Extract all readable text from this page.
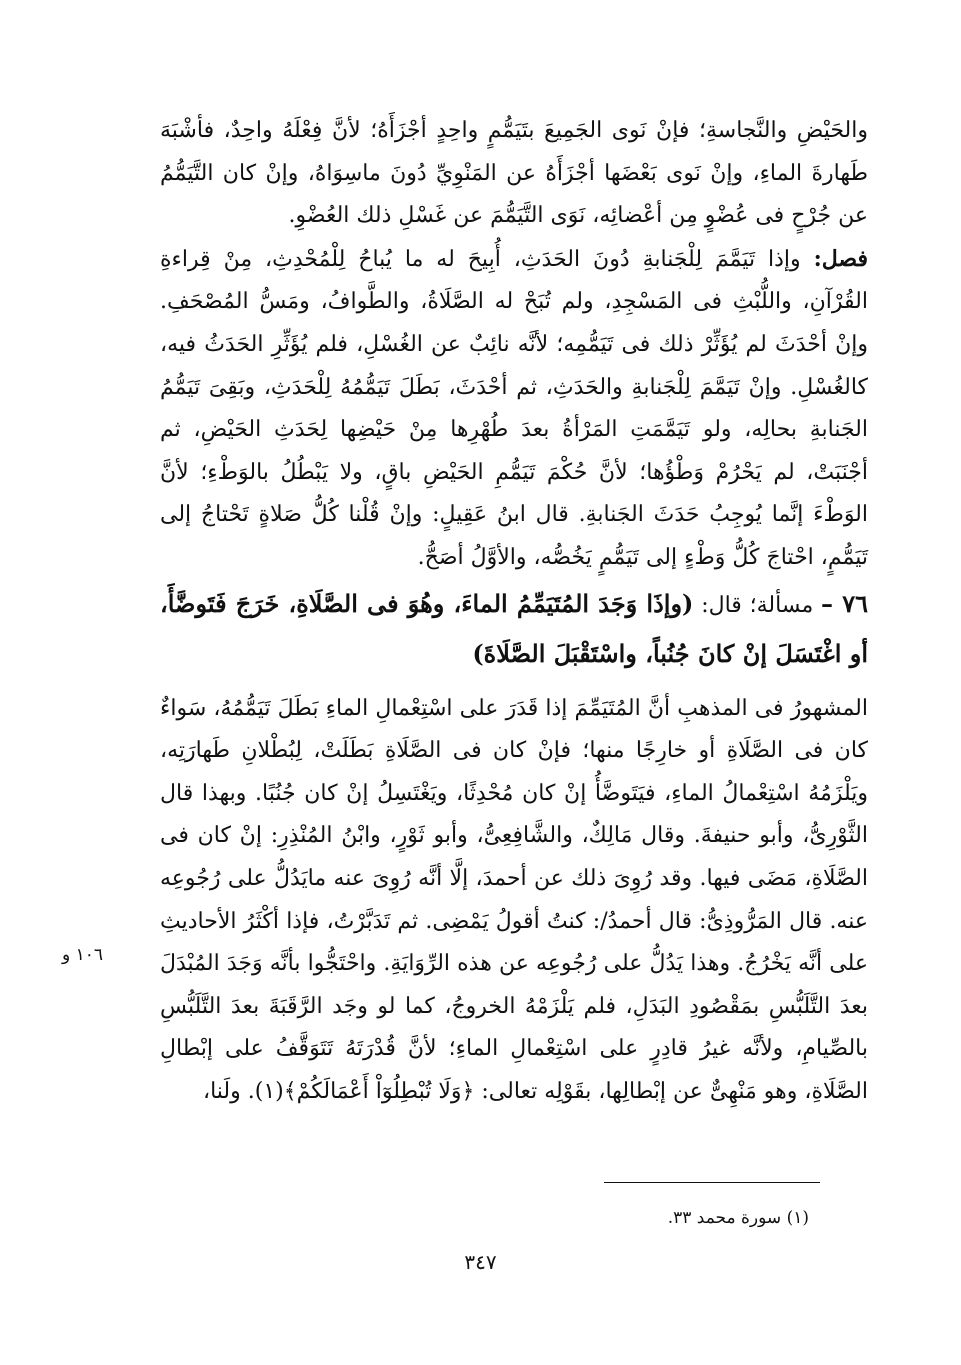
والحَيْضِ والنَّجاسةِ؛ فإنْ نَوى الجَمِيعَ بتَيَمُّمٍ واحِدٍ أجْزَأَهُ؛ لأنَّ فِعْلَهُ واحِدٌ، فأشْبَهَ طَهارةَ الماءِ، وإنْ نَوى بَعْضَها أجْزَأَهُ عن المَنْوِيِّ دُونَ ماسِوَاهُ، وإنْ كان التَّيَمُّمُ عن جُرْحٍ فى عُضْوٍ مِن أعْضائِه، نَوَى التَّيَمُّمَ عن غَسْلِ ذلك العُضْوِ.

فصل: وإذا تَيَمَّمَ لِلْجَنابةِ دُونَ الحَدَثِ، أُبِيحَ له ما يُباحُ لِلْمُحْدِثِ، مِنْ قِراءةِ القُرْآنِ، واللُّبْثِ فى المَسْجِدِ، ولم تُبَحْ له الصَّلَاةُ، والطَّوافُ، ومَسُّ المُصْحَفِ. وإنْ أحْدَثَ لم يُؤَثِّرْ ذلك فى تَيَمُّمِه؛ لأنَّه نائِبٌ عن الغُسْلِ، فلم يُؤَثِّرِ الحَدَثُ فيه، كالغُسْلِ. وإنْ تَيَمَّمَ لِلْجَنابةِ والحَدَثِ، ثم أحْدَثَ، بَطَلَ تَيَمُّمُهُ لِلْحَدَثِ، وبَقِىَ تَيَمُّمُ الجَنابةِ بحالِه، ولو تَيَمَّمَتِ المَرْأةُ بعدَ طُهْرِها مِنْ حَيْضِها لِحَدَثِ الحَيْضِ، ثم أجْنَبَتْ، لم يَحْرُمْ وَطْؤُها؛ لأنَّ حُكْمَ تَيَمُّمِ الحَيْضِ باقٍ، ولا يَبْطُلُ بالوَطْءِ؛ لأنَّ الوَطْءَ إنَّما يُوجِبُ حَدَثَ الجَنابةِ. قال ابنُ عَقِيلٍ: وإنْ قُلْنا كُلُّ صَلاةٍ تَحْتاجُ إلى تَيَمُّمٍ، احْتاجَ كُلُّ وَطْءٍ إلى تَيَمُّمٍ يَخُصُّه، والأوَّلُ أصَحُّ.

٧٦ – مسألة؛ قال: (وإذَا وَجَدَ المُتَيَمِّمُ الماءَ، وهُوَ فى الصَّلَاةِ، خَرَجَ فَتَوضَّأَ، أو اغْتَسَلَ إنْ كانَ جُنُباً، واسْتَقْبَلَ الصَّلَاةَ)

المشهورُ فى المذهبِ أنَّ المُتَيَمِّمَ إذا قَدَرَ على اسْتِعْمالِ الماءِ بَطَلَ تَيَمُّمُهُ، سَواءٌ كان فى الصَّلَاةِ أو خارِجًا منها؛ فإنْ كان فى الصَّلَاةِ بَطَلَتْ، لِبُطْلانِ طَهارَتِه، ويَلْزَمُهُ اسْتِعْمالُ الماءِ، فيَتَوضَّأُ إنْ كان مُحْدِثًا، ويَغْتَسِلُ إنْ كان جُنُبًا. وبهذا قال الثَّوْرِىُّ، وأبو حنيفةَ. وقال مَالِكٌ، والشَّافِعِىُّ، وأبو ثَوْرٍ، وابْنُ المُنْذِرِ: إنْ كان فى الصَّلَاةِ، مَضَى فيها. وقد رُوِىَ ذلك عن أحمدَ، إلَّا أنَّه رُوِىَ عنه مايَدُلُّ على رُجُوعِه عنه. قال المَرُّوذِىُّ: قال أحمدُ/: كنتُ أقولُ يَمْضِى. ثم تَدَبَّرْتُ، فإذا أكْثَرُ الأحاديثِ على أنَّه يَخْرُجُ. وهذا يَدُلُّ على رُجُوعِه عن هذه الرِّوَايَةِ. واحْتَجُّوا بأنَّه وَجَدَ المُبْدَلَ بعدَ التَّلَبُّسِ بمَقْصُودِ البَدَلِ، فلم يَلْزَمْهُ الخروجُ، كما لو وجَد الرَّقَبَةَ بعدَ التَّلَبُّسِ بالصِّيامِ، ولأنَّه غيرُ قادِرٍ على اسْتِعْمالِ الماءِ؛ لأنَّ قُدْرَتَهُ تَتَوَقَّفُ على إبْطالِ الصَّلَاةِ، وهو مَنْهِىٌّ عن إبْطالِها، بقَوْلِه تعالى: ﴿وَلَا تُبْطِلُوٓاْ أَعْمَالَكُمْ﴾(١). ولَنا،

١٠٦ و
(١) سورة محمد ٣٣.
٣٤٧
